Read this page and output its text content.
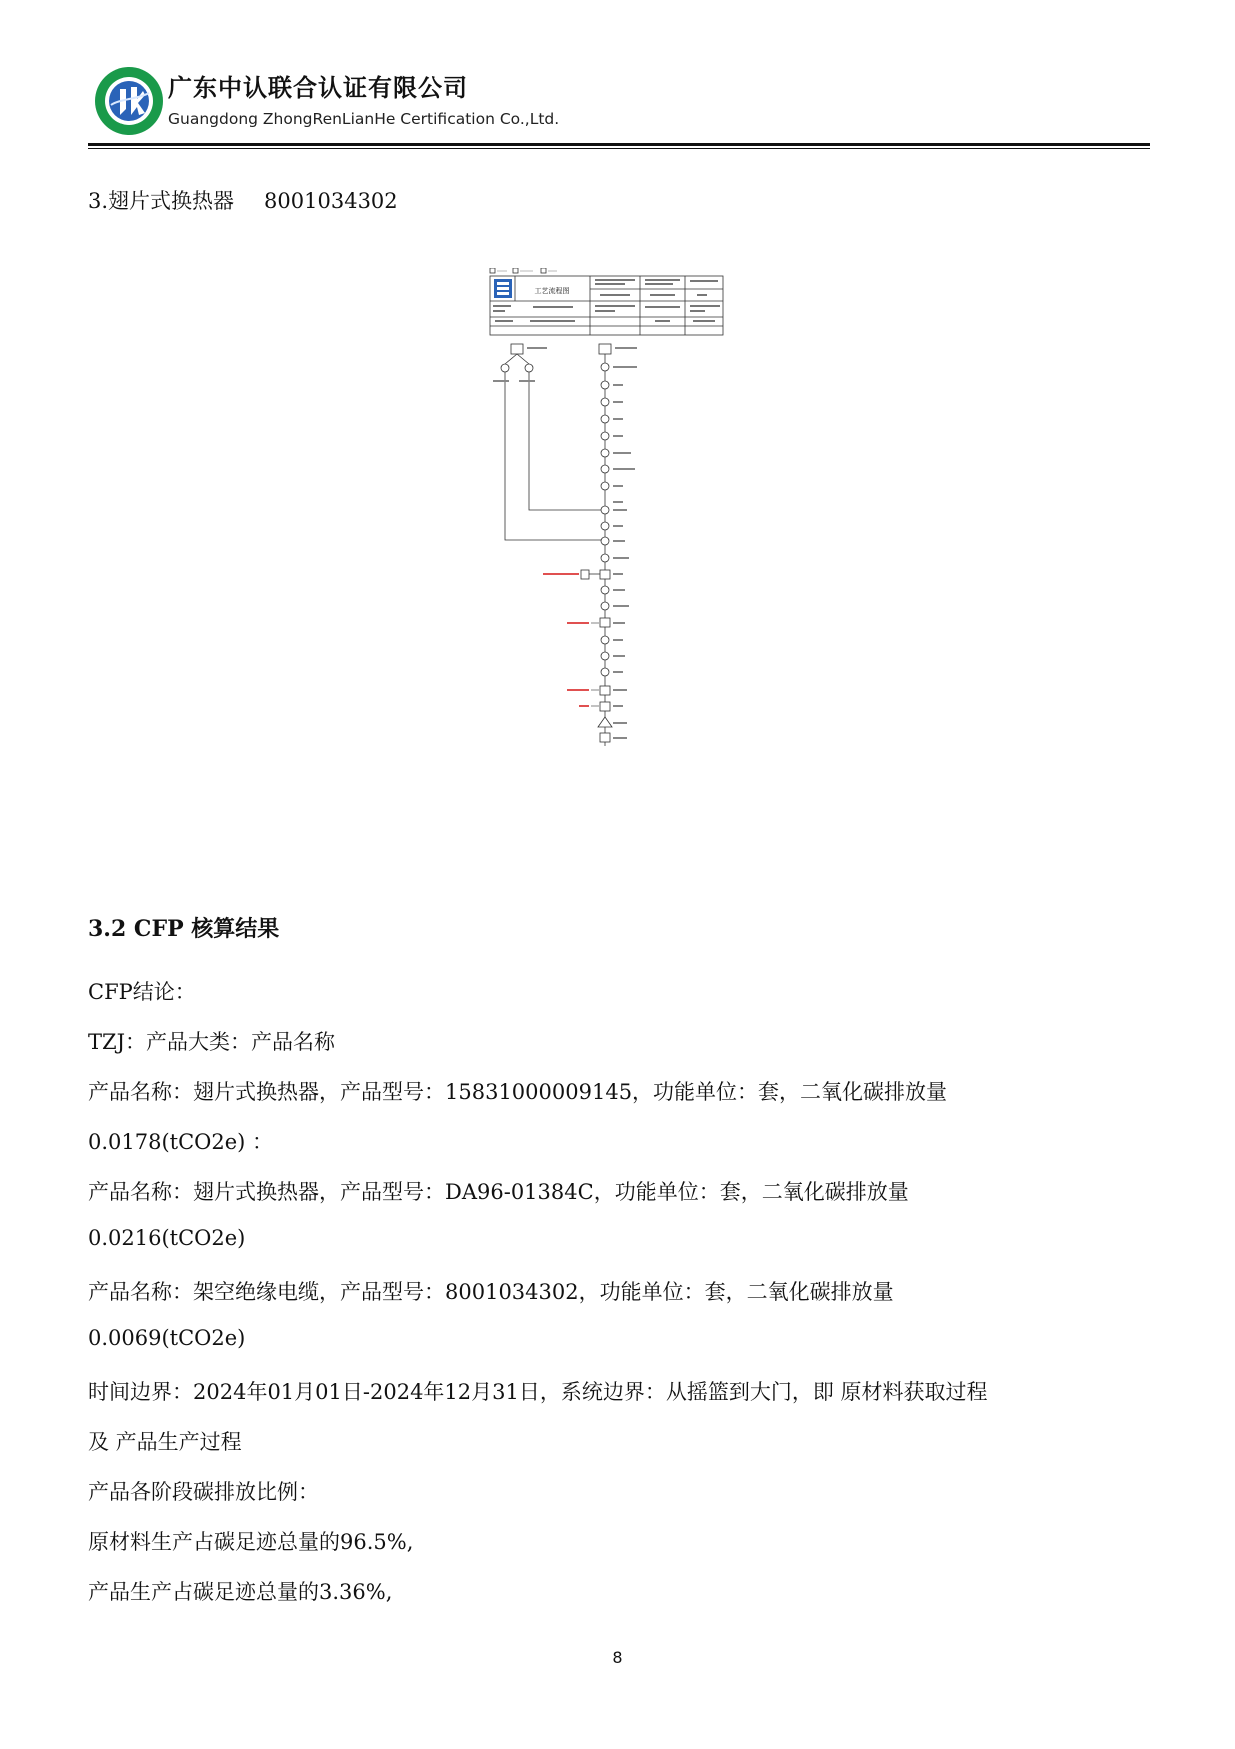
广东中认联合认证有限公司
Guangdong ZhongRenLianHe Certification Co.,Ltd.
3.翅片式换热器 8001034302
工艺流程图
3.2 CFP 核算结果
CFP结论：
TZJ：产品大类：产品名称
产品名称：翅片式换热器，产品型号：15831000009145，功能单位：套，二氧化碳排放量
0.0178(tCO2e) ：
产品名称：翅片式换热器，产品型号：DA96-01384C，功能单位：套，二氧化碳排放量
0.0216(tCO2e)
产品名称：架空绝缘电缆，产品型号：8001034302，功能单位：套，二氧化碳排放量
0.0069(tCO2e)
时间边界：2024年01月01日-2024年12月31日，系统边界：从摇篮到大门，即 原材料获取过程
及 产品生产过程
产品各阶段碳排放比例：
原材料生产占碳足迹总量的96.5%,
产品生产占碳足迹总量的3.36%,
8
